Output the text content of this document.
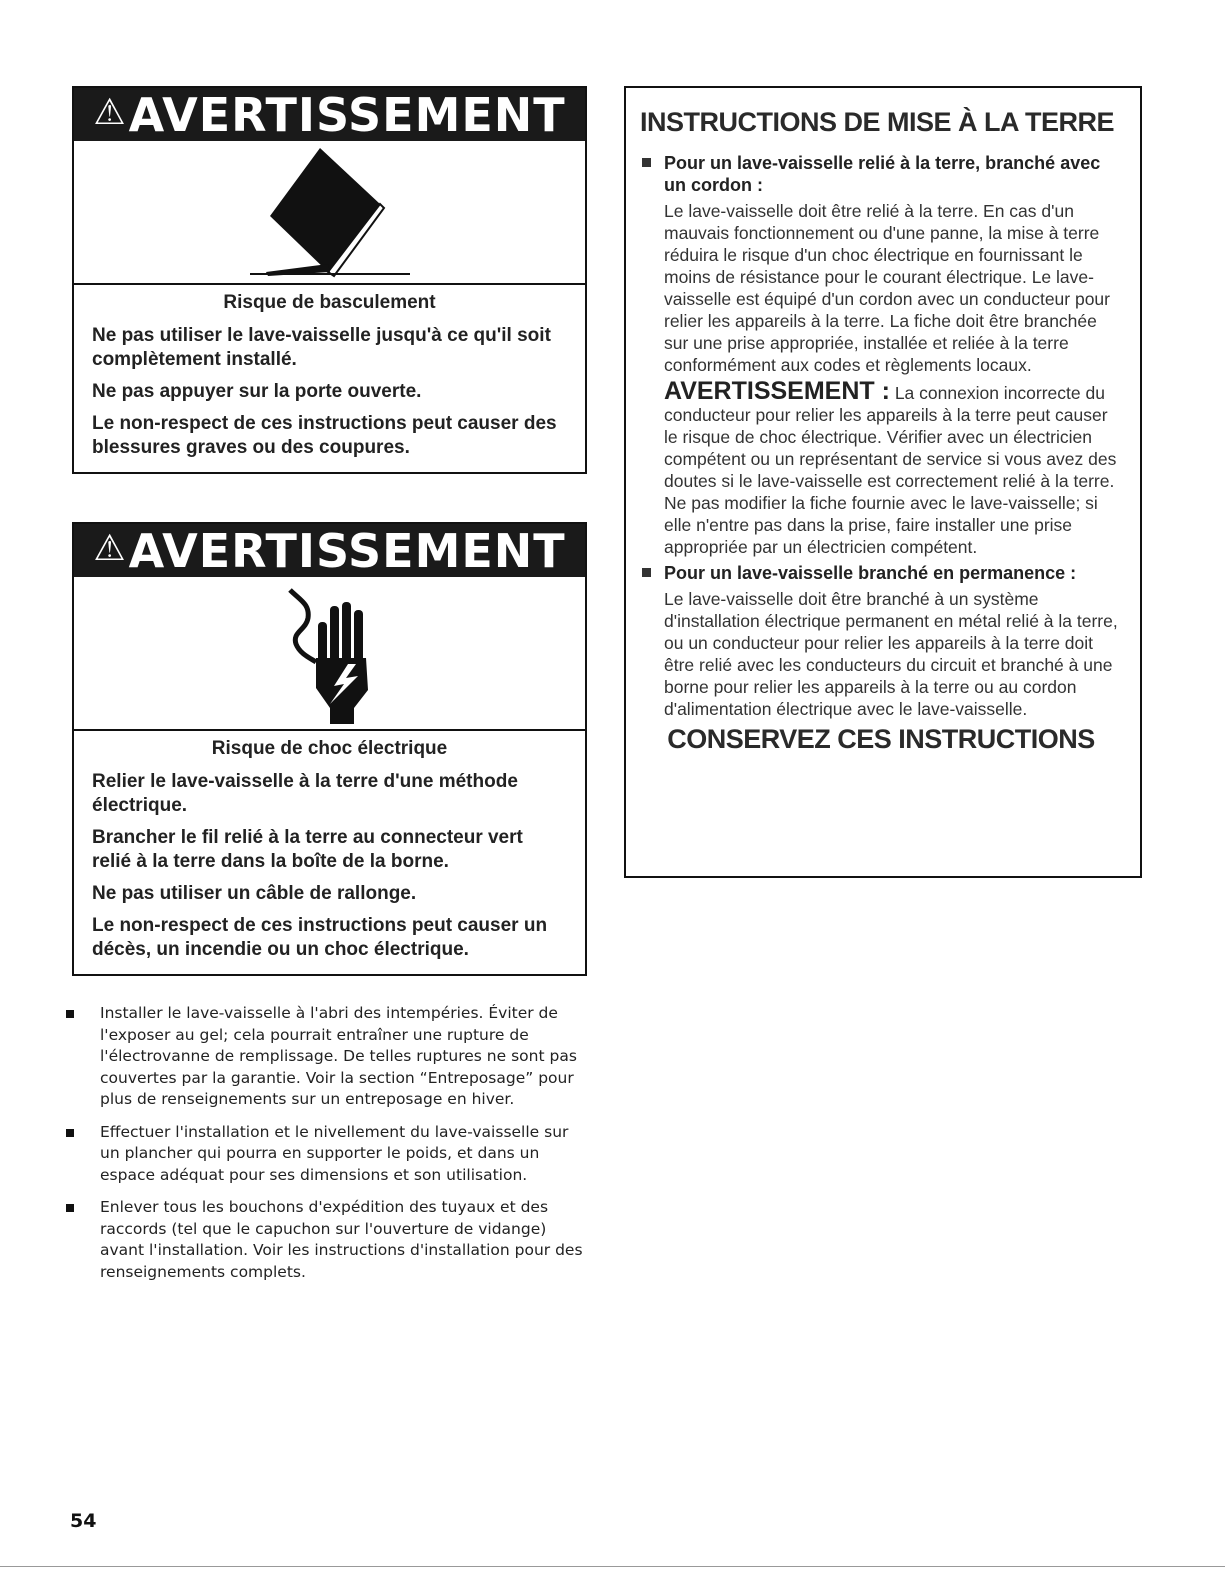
⚠ AVERTISSEMENT
Risque de basculement

Ne pas utiliser le lave-vaisselle jusqu'à ce qu'il soit complètement installé.

Ne pas appuyer sur la porte ouverte.

Le non-respect de ces instructions peut causer des blessures graves ou des coupures.

⚠ AVERTISSEMENT
Risque de choc électrique

Relier le lave-vaisselle à la terre d'une méthode électrique.

Brancher le fil relié à la terre au connecteur vert relié à la terre dans la boîte de la borne.

Ne pas utiliser un câble de rallonge.

Le non-respect de ces instructions peut causer un décès, un incendie ou un choc électrique.

Installer le lave-vaisselle à l'abri des intempéries. Éviter de l'exposer au gel; cela pourrait entraîner une rupture de l'électrovanne de remplissage. De telles ruptures ne sont pas couvertes par la garantie. Voir la section “Entreposage” pour plus de renseignements sur un entreposage en hiver.
Effectuer l'installation et le nivellement du lave-vaisselle sur un plancher qui pourra en supporter le poids, et dans un espace adéquat pour ses dimensions et son utilisation.
Enlever tous les bouchons d'expédition des tuyaux et des raccords (tel que le capuchon sur l'ouverture de vidange) avant l'installation. Voir les instructions d'installation pour des renseignements complets.
INSTRUCTIONS DE MISE À LA TERRE
Pour un lave-vaisselle relié à la terre, branché avec un cordon :
Le lave-vaisselle doit être relié à la terre. En cas d'un mauvais fonctionnement ou d'une panne, la mise à terre réduira le risque d'un choc électrique en fournissant le moins de résistance pour le courant électrique. Le lave-vaisselle est équipé d'un cordon avec un conducteur pour relier les appareils à la terre. La fiche doit être branchée sur une prise appropriée, installée et reliée à la terre conformément aux codes et règlements locaux.
AVERTISSEMENT : La connexion incorrecte du conducteur pour relier les appareils à la terre peut causer le risque de choc électrique. Vérifier avec un électricien compétent ou un représentant de service si vous avez des doutes si le lave-vaisselle est correctement relié à la terre. Ne pas modifier la fiche fournie avec le lave-vaisselle; si elle n'entre pas dans la prise, faire installer une prise appropriée par un électricien compétent.
Pour un lave-vaisselle branché en permanence :
Le lave-vaisselle doit être branché à un système d'installation électrique permanent en métal relié à la terre, ou un conducteur pour relier les appareils à la terre doit être relié avec les conducteurs du circuit et branché à une borne pour relier les appareils à la terre ou au cordon d'alimentation électrique avec le lave-vaisselle.
CONSERVEZ CES INSTRUCTIONS
54
